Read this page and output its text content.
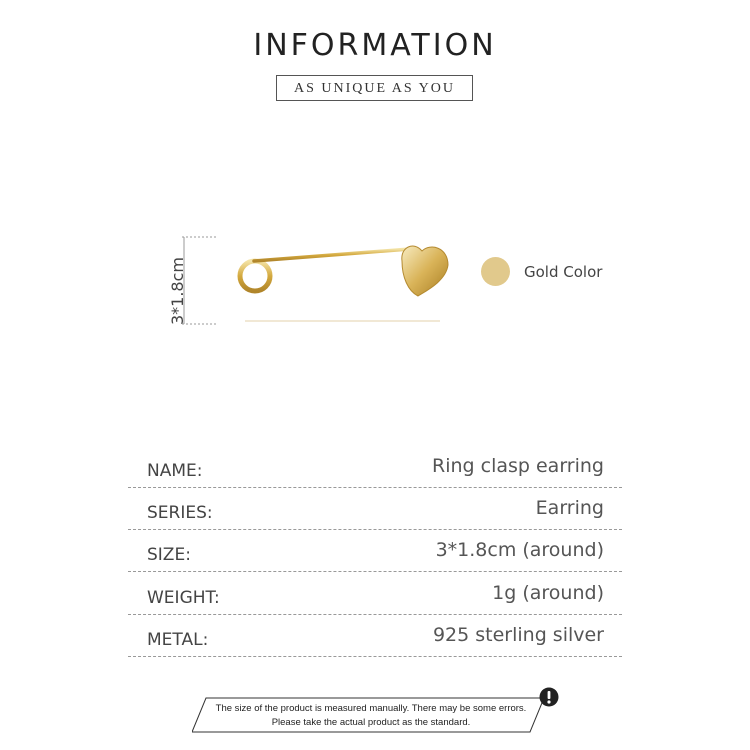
INFORMATION
AS UNIQUE AS YOU
3*1.8cm	Gold Color
NAME:	Ring clasp earring
SERIES:	Earring
SIZE:	3*1.8cm (around)
WEIGHT:	1g (around)
METAL:	925 sterling silver
The size of the product is measured manually. There may be some errors.
Please take the actual product as the standard.
